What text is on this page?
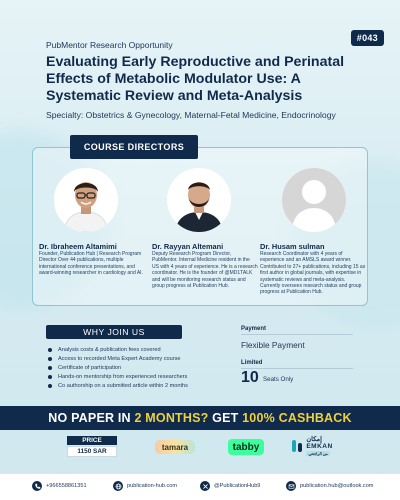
#043
PubMentor Research Opportunity
Evaluating Early Reproductive and Perinatal Effects of Metabolic Modulator Use: A Systematic Review and Meta-Analysis
Specialty: Obstetrics & Gynecology, Maternal-Fetal Medicine, Endocrinology
COURSE DIRECTORS
Dr. Ibraheem Altamimi
Founder, Publication Hub | Research Program Director Over 44 publications, multiple international conference presentations, and award-winning researcher in cardiology and AI.
Dr. Rayyan Altemani
Deputy Research Program Director, PubMentor. Internal Medicine resident in the US with 4 years of experience. He is a research coordinator. He is the founder of @MD1TALK and will be monitoring research status and group progress at Publication Hub.
Dr. Husam sulman
Research Coordinator with 4 years of experience and an AMSLS award winner. Contributed to 27+ publications, including 15 as first author in global journals, with expertise in systematic reviews and meta-analysis. Currently oversees research status and group progress at Publication Hub.
WHY JOIN US
Analysis costs & publication fees covered
Access to recorded Meta Expert Academy course
Certificate of participation
Hands-on mentorship from experienced researchers
Co authorship on a submitted article within 2 months
Payment
Flexible Payment
Limited
10 Seats Only
NO PAPER IN 2 MONTHS? GET 100% CASHBACK
PRICE
1150 SAR	tamara	tabby
إمكان
EMKAN
من الراجحي
+966558861351	publication-hub.com	@PublicationHub9	publication.hub@outlook.com
